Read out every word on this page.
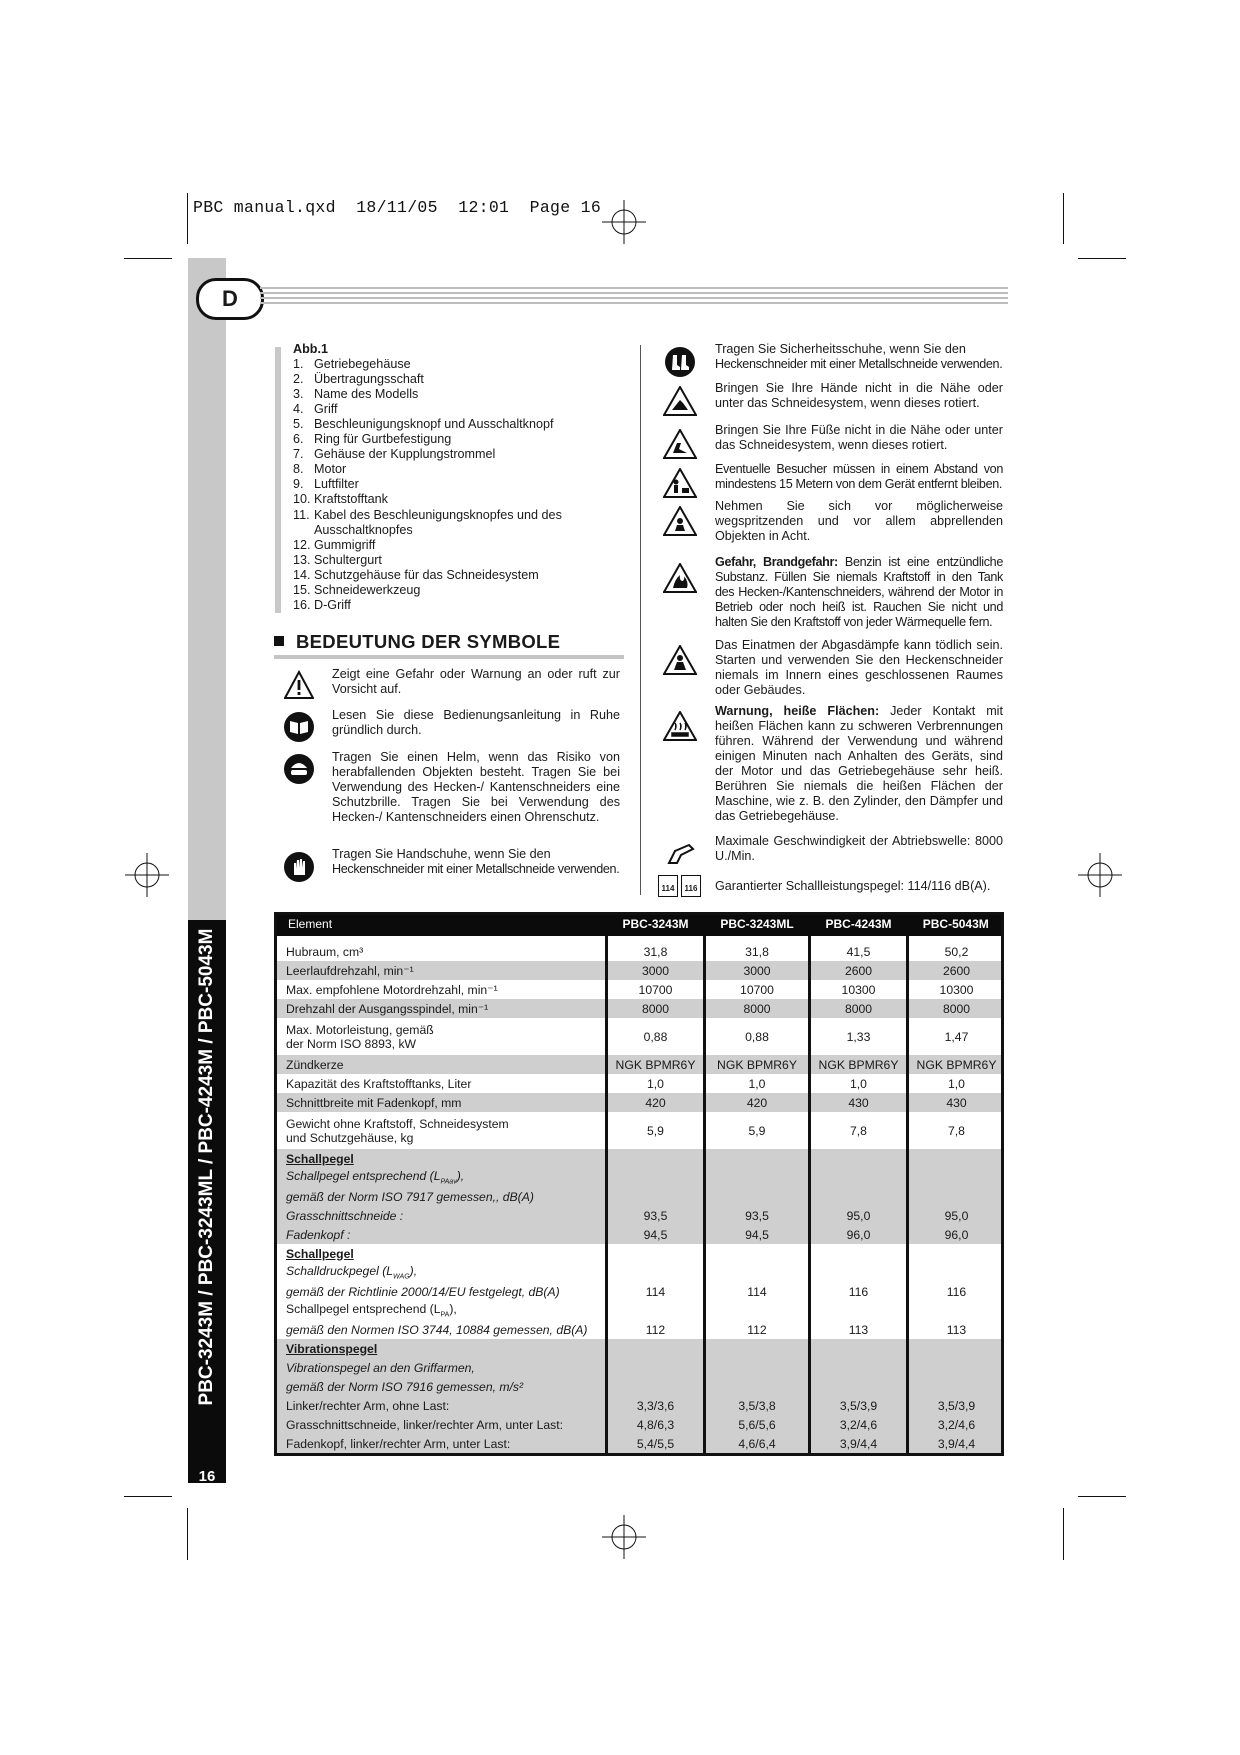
PBC manual.qxd  18/11/05  12:01  Page 16
PBC-3243M / PBC-3243ML / PBC-4243M / PBC-5043M
16
D
Abb.1
1. Getriebegehäuse
2. Übertragungsschaft
3. Name des Modells
4. Griff
5. Beschleunigungsknopf und Ausschaltknopf
6. Ring für Gurtbefestigung
7. Gehäuse der Kupplungstrommel
8. Motor
9. Luftfilter
10. Kraftstofftank
11. Kabel des Beschleunigungsknopfes und des
Ausschaltknopfes
12. Gummigriff
13. Schultergurt
14. Schutzgehäuse für das Schneidesystem
15. Schneidewerkzeug
16. D-Griff
BEDEUTUNG DER SYMBOLE
Zeigt eine Gefahr oder Warnung an oder ruft zur Vorsicht auf.
Lesen Sie diese Bedienungsanleitung in Ruhe gründlich durch.
Tragen Sie einen Helm, wenn das Risiko von herabfallenden Objekten besteht. Tragen Sie bei Verwendung des Hecken-/ Kantenschneiders eine Schutzbrille. Tragen Sie bei Verwendung des Hecken-/ Kantenschneiders einen Ohrenschutz.
Tragen Sie Handschuhe, wenn Sie den
Heckenschneider mit einer Metallschneide verwenden.
Tragen Sie Sicherheitsschuhe, wenn Sie den
Heckenschneider mit einer Metallschneide verwenden.
Bringen Sie Ihre Hände nicht in die Nähe oder unter das Schneidesystem, wenn dieses rotiert.
Bringen Sie Ihre Füße nicht in die Nähe oder unter das Schneidesystem, wenn dieses rotiert.
Eventuelle Besucher müssen in einem Abstand von mindestens 15 Metern von dem Gerät entfernt bleiben.
Nehmen Sie sich vor möglicherweise wegspritzenden und vor allem abprellenden Objekten in Acht.
Gefahr, Brandgefahr: Benzin ist eine entzündliche Substanz. Füllen Sie niemals Kraftstoff in den Tank des Hecken-/Kantenschneiders, während der Motor in Betrieb oder noch heiß ist. Rauchen Sie nicht und halten Sie den Kraftstoff von jeder Wärmequelle fern.
Das Einatmen der Abgasdämpfe kann tödlich sein. Starten und verwenden Sie den Heckenschneider niemals im Innern eines geschlossenen Raumes oder Gebäudes.
Warnung, heiße Flächen: Jeder Kontakt mit heißen Flächen kann zu schweren Verbrennungen führen. Während der Verwendung und während einigen Minuten nach Anhalten des Geräts, sind der Motor und das Getriebegehäuse sehr heiß. Berühren Sie niemals die heißen Flächen der Maschine, wie z. B. den Zylinder, den Dämpfer und das Getriebegehäuse.
Maximale Geschwindigkeit der Abtriebswelle: 8000 U./Min.
114	116 Garantierter Schallleistungspegel: 114/116 dB(A).
Element	PBC-3243M	PBC-3243ML	PBC-4243M	PBC-5043M

Hubraum, cm³	31,8	31,8	41,5	50,2
Leerlaufdrehzahl, min⁻¹	3000	3000	2600	2600
Max. empfohlene Motordrehzahl, min⁻¹	10700	10700	10300	10300
Drehzahl der Ausgangsspindel, min⁻¹	8000	8000	8000	8000
Max. Motorleistung, gemäß
der Norm ISO 8893, kW	0,88	0,88	1,33	1,47
Zündkerze	NGK BPMR6Y	NGK BPMR6Y	NGK BPMR6Y	NGK BPMR6Y
Kapazität des Kraftstofftanks, Liter	1,0	1,0	1,0	1,0
Schnittbreite mit Fadenkopf, mm	420	420	430	430
Gewicht ohne Kraftstoff, Schneidesystem
und Schutzgehäuse, kg	5,9	5,9	7,8	7,8
Schallpegel				
Schallpegel entsprechend $(L_{PAav})$,				
gemäß der Norm ISO 7917 gemessen,, dB(A)				
Grasschnittschneide :	93,5	93,5	95,0	95,0
Fadenkopf :	94,5	94,5	96,0	96,0
Schallpegel				
Schalldruckpegel $(L_{WAG})$,				
gemäß der Richtlinie 2000/14/EU festgelegt, dB(A)	114	114	116	116
Schallpegel entsprechend $(L_{PA})$,				
gemäß den Normen ISO 3744, 10884 gemessen, dB(A)	112	112	113	113
Vibrationspegel				
Vibrationspegel an den Griffarmen,				
gemäß der Norm ISO 7916 gemessen, m/s²				
Linker/rechter Arm, ohne Last:	3,3/3,6	3,5/3,8	3,5/3,9	3,5/3,9
Grasschnittschneide, linker/rechter Arm, unter Last:	4,8/6,3	5,6/5,6	3,2/4,6	3,2/4,6
Fadenkopf, linker/rechter Arm, unter Last:	5,4/5,5	4,6/6,4	3,9/4,4	3,9/4,4
